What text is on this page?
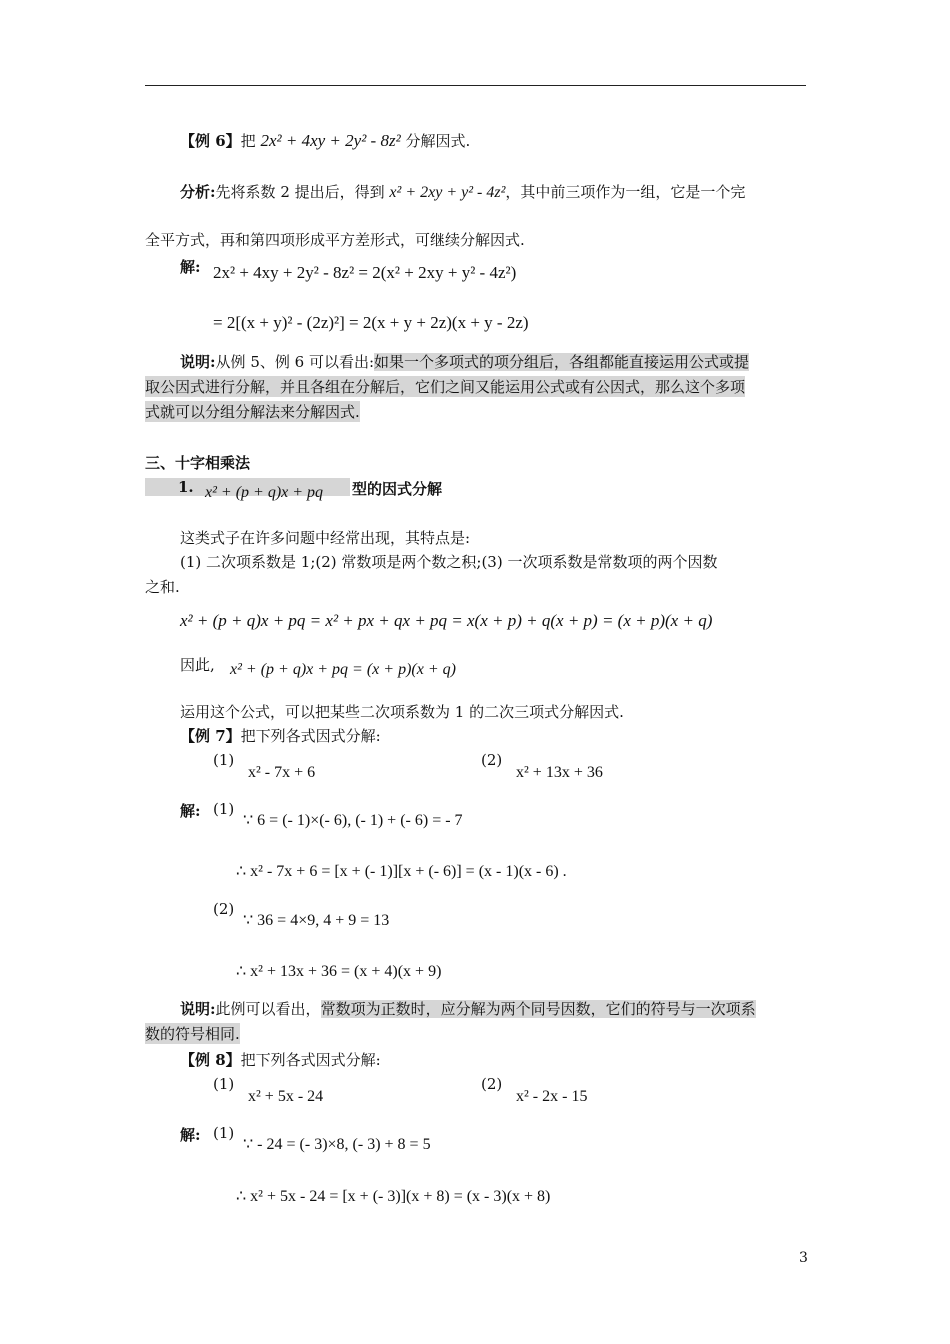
【例 6】把 2x² + 4xy + 2y² - 8z² 分解因式.
分析:先将系数 2 提出后，得到 x² + 2xy + y² - 4z²，其中前三项作为一组，它是一个完
全平方式，再和第四项形成平方差形式，可继续分解因式.
解: 2x² + 4xy + 2y² - 8z² = 2(x² + 2xy + y² - 4z²)
= 2[(x + y)² - (2z)²] = 2(x + y + 2z)(x + y - 2z)
说明:从例 5、例 6 可以看出:如果一个多项式的项分组后，各组都能直接运用公式或提
取公因式进行分解，并且各组在分解后，它们之间又能运用公式或有公因式，那么这个多项
式就可以分组分解法来分解因式.
三、十字相乘法
1. x² + (p + q)x + pq 型的因式分解
这类式子在许多问题中经常出现，其特点是:
(1) 二次项系数是 1;(2) 常数项是两个数之积;(3) 一次项系数是常数项的两个因数
之和.
x² + (p + q)x + pq = x² + px + qx + pq = x(x + p) + q(x + p) = (x + p)(x + q)
因此, x² + (p + q)x + pq = (x + p)(x + q)
运用这个公式，可以把某些二次项系数为 1 的二次三项式分解因式.
【例 7】把下列各式因式分解:
(1)
x² - 7x + 6
(2)
x² + 13x + 36
解: (1)
∵ 6 = (- 1)×(- 6), (- 1) + (- 6) = - 7
∴ x² - 7x + 6 = [x + (- 1)][x + (- 6)] = (x - 1)(x - 6) .
(2)
∵ 36 = 4×9, 4 + 9 = 13
∴ x² + 13x + 36 = (x + 4)(x + 9)
说明:此例可以看出，常数项为正数时，应分解为两个同号因数，它们的符号与一次项系
数的符号相同.
【例 8】把下列各式因式分解:
(1)
x² + 5x - 24
(2)
x² - 2x - 15
解: (1)
∵ - 24 = (- 3)×8, (- 3) + 8 = 5
∴ x² + 5x - 24 = [x + (- 3)](x + 8) = (x - 3)(x + 8)
3
